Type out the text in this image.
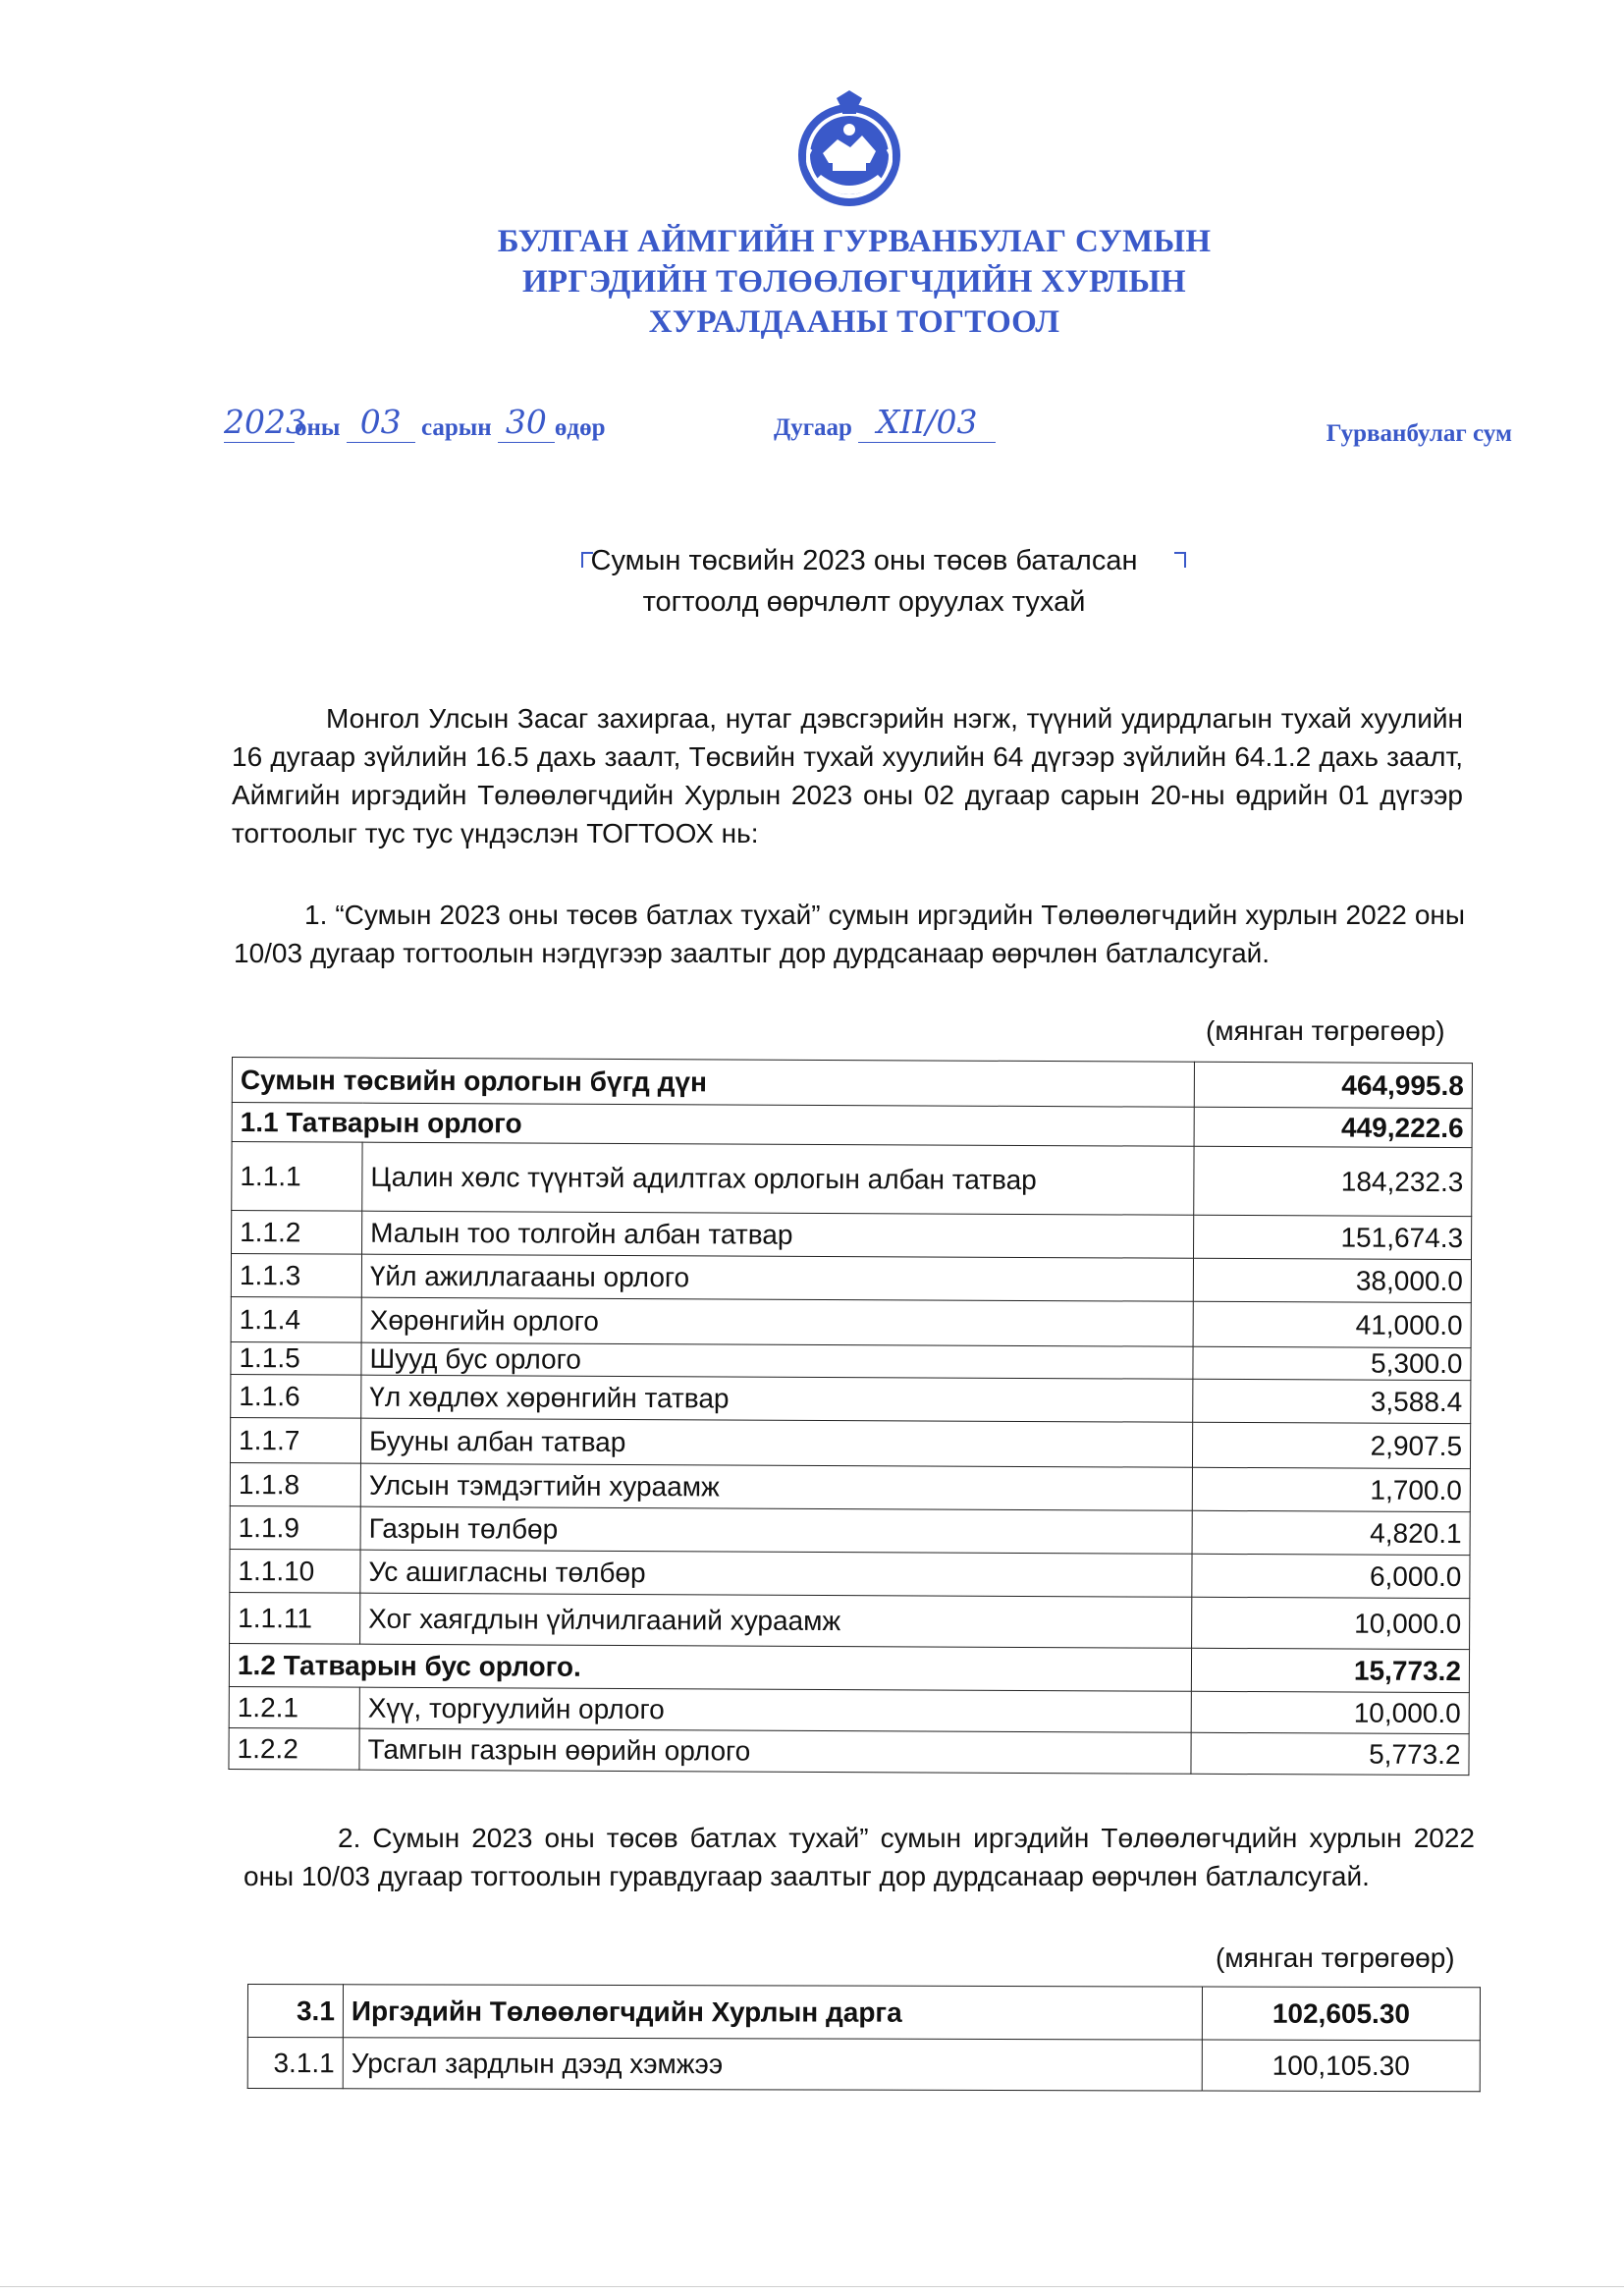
БУЛГАН АЙМГИЙН ГУРВАНБУЛАГ СУМЫН
ИРГЭДИЙН ТӨЛӨӨЛӨГЧДИЙН ХУРЛЫН
ХУРАЛДААНЫ ТОГТООЛ
2023оны 03 сарын 30 өдөр	Дугаар XII/03	Гурванбулаг сум
Сумын төсвийн 2023 оны төсөв баталсан
тогтоолд өөрчлөлт оруулах тухай
Монгол Улсын Засаг захиргаа, нутаг дэвсгэрийн нэгж, түүний удирдлагын тухай хуулийн 16 дугаар зүйлийн 16.5 дахь заалт, Төсвийн тухай хуулийн 64 дүгээр зүйлийн 64.1.2 дахь заалт, Аймгийн иргэдийн Төлөөлөгчдийн Хурлын 2023 оны 02 дугаар сарын 20-ны өдрийн 01 дүгээр тогтоолыг тус тус үндэслэн ТОГТООХ нь:
1. “Сумын 2023 оны төсөв батлах тухай” сумын иргэдийн Төлөөлөгчдийн хурлын 2022 оны 10/03 дугаар тогтоолын нэгдүгээр заалтыг дор дурдсанаар өөрчлөн батлалсугай.
(мянган төгрөгөөр)
Сумын төсвийн орлогын бүгд дүн		464,995.8
1.1 Татварын орлого		449,222.6
1.1.1	Цалин хөлс түүнтэй адилтгах орлогын албан татвар	184,232.3
1.1.2	Малын тоо толгойн албан татвар	151,674.3
1.1.3	Үйл ажиллагааны орлого	38,000.0
1.1.4	Хөрөнгийн орлого	41,000.0
1.1.5	Шууд бус орлого	5,300.0
1.1.6	Үл хөдлөх хөрөнгийн татвар	3,588.4
1.1.7	Бууны албан татвар	2,907.5
1.1.8	Улсын тэмдэгтийн хураамж	1,700.0
1.1.9	Газрын төлбөр	4,820.1
1.1.10	Ус ашигласны төлбөр	6,000.0
1.1.11	Хог хаягдлын үйлчилгааний хураамж	10,000.0
1.2 Татварын бус орлого.		15,773.2
1.2.1	Хүү, торгуулийн орлого	10,000.0
1.2.2	Тамгын газрын өөрийн орлого	5,773.2
2. Сумын 2023 оны төсөв батлах тухай” сумын иргэдийн Төлөөлөгчдийн хурлын 2022 оны 10/03 дугаар тогтоолын гуравдугаар заалтыг дор дурдсанаар өөрчлөн батлалсугай.
(мянган төгрөгөөр)
3.1	Иргэдийн Төлөөлөгчдийн Хурлын дарга	102,605.30
3.1.1	Урсгал зардлын дээд хэмжээ	100,105.30
